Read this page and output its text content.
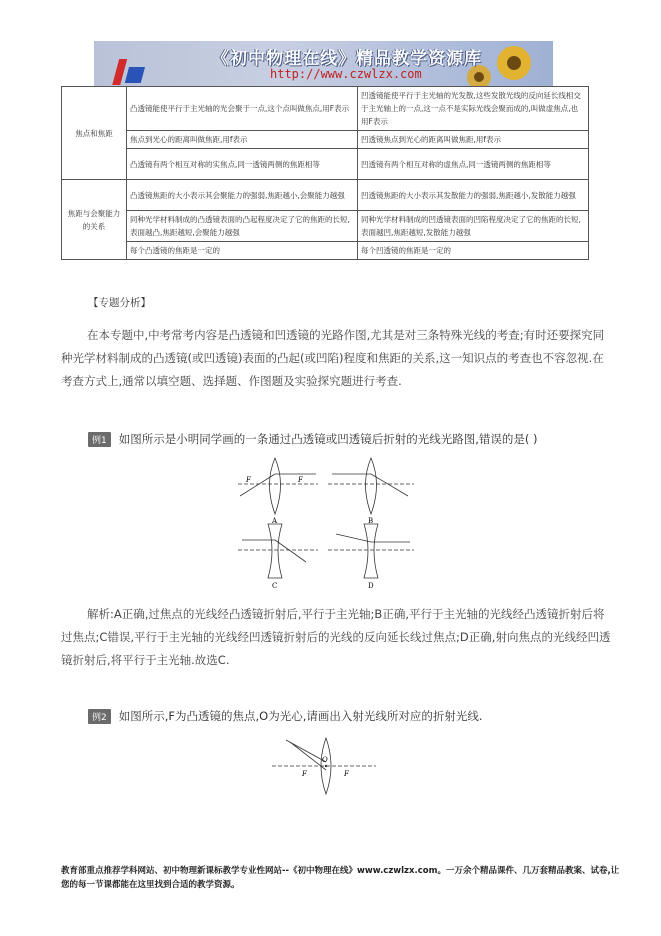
《初中物理在线》精品教学资源库
http://www.czwlzx.com
焦点和焦距	凸透镜能使平行于主光轴的光会聚于一点,这个点叫做焦点,用F表示	凹透镜能使平行于主光轴的光发散,这些发散光线的反向延长线相交于主光轴上的一点,这一点不是实际光线会聚而成的,叫做虚焦点,也用F表示
	焦点到光心的距离叫做焦距,用f表示	凹透镜焦点到光心的距离叫做焦距,用f表示
	凸透镜有两个相互对称的实焦点,同一透镜两侧的焦距相等	凹透镜有两个相互对称的虚焦点,同一透镜两侧的焦距相等
焦距与会聚能力的关系	凸透镜焦距的大小表示其会聚能力的强弱,焦距越小,会聚能力越强	凹透镜焦距的大小表示其发散能力的强弱,焦距越小,发散能力越强
	同种光学材料制成的凸透镜表面的凸起程度决定了它的焦距的长短,表面越凸,焦距越短,会聚能力越强	同种光学材料制成的凹透镜表面的凹陷程度决定了它的焦距的长短,表面越凹,焦距越短,发散能力越强
	每个凸透镜的焦距是一定的	每个凹透镜的焦距是一定的
【专题分析】
在本专题中,中考常考内容是凸透镜和凹透镜的光路作图,尤其是对三条特殊光线的考查;有时还要探究同种光学材料制成的凸透镜(或凹透镜)表面的凸起(或凹陷)程度和焦距的关系,这一知识点的考查也不容忽视.在考查方式上,通常以填空题、选择题、作图题及实验探究题进行考查.
例1 如图所示是小明同学画的一条通过凸透镜或凹透镜后折射的光线光路图,错误的是( )
F	F
A	B
C	D
解析:A正确,过焦点的光线经凸透镜折射后,平行于主光轴;B正确,平行于主光轴的光线经凸透镜折射后将过焦点;C错误,平行于主光轴的光线经凹透镜折射后的光线的反向延长线过焦点;D正确,射向焦点的光线经凹透镜折射后,将平行于主光轴.故选C.
例2 如图所示,F为凸透镜的焦点,O为光心,请画出入射光线所对应的折射光线.
F
O
F
教育部重点推荐学科网站、初中物理新课标教学专业性网站--《初中物理在线》www.czwlzx.com。一万余个精品课件、几万套精品教案、试卷,让您的每一节课都能在这里找到合适的教学资源。
